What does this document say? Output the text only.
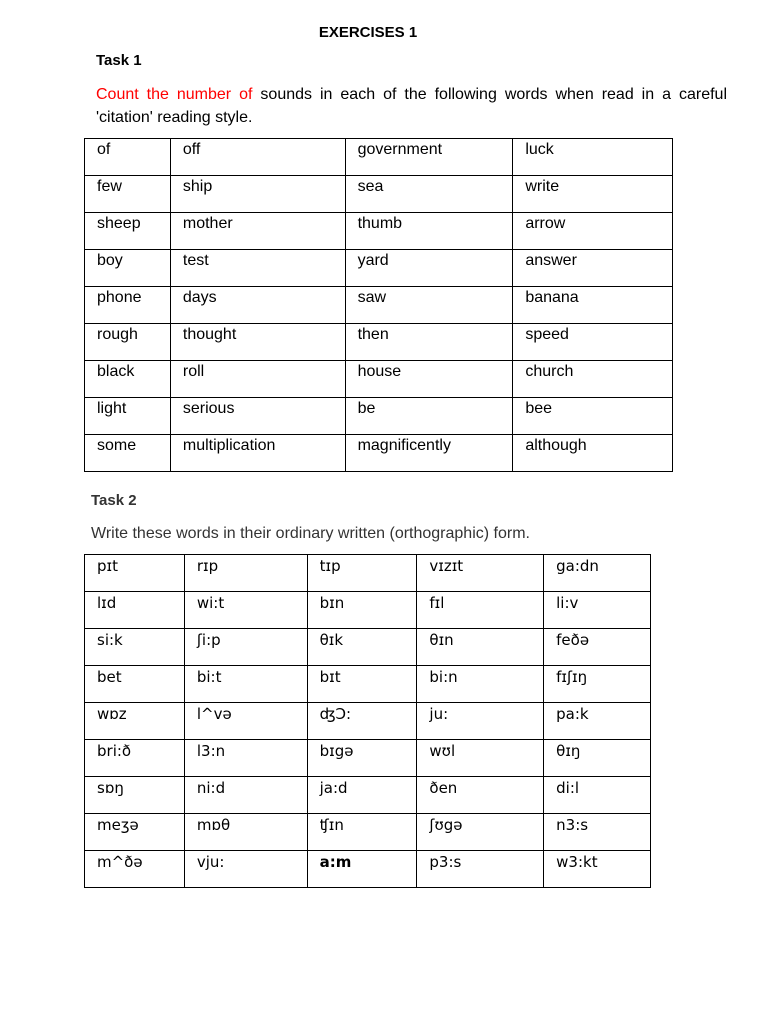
EXERCISES 1
Task 1
Count the number of sounds in each of the following words when read in a careful 'citation' reading style.
of	off	government	luck
few	ship	sea	write
sheep	mother	thumb	arrow
boy	test	yard	answer
phone	days	saw	banana
rough	thought	then	speed
black	roll	house	church
light	serious	be	bee
some	multiplication	magnificently	although
Task 2
Write these words in their ordinary written (orthographic) form.
pɪt	rɪp	tɪp	vɪzɪt	ga:dn
lɪd	wi:t	bɪn	fɪl	li:v
si:k	ʃi:p	θɪk	θɪn	feðə
bet	bi:t	bɪt	bi:n	fɪʃɪŋ
wɒz	l^və	ʤƆ:	ju:	pa:k
bri:ð	l3:n	bɪgə	wʊl	θɪŋ
sɒŋ	ni:d	ja:d	ðen	di:l
meʒə	mɒθ	ʧɪn	ʃʊgə	n3:s
m^ðə	vju:	a:m	p3:s	w3:kt
